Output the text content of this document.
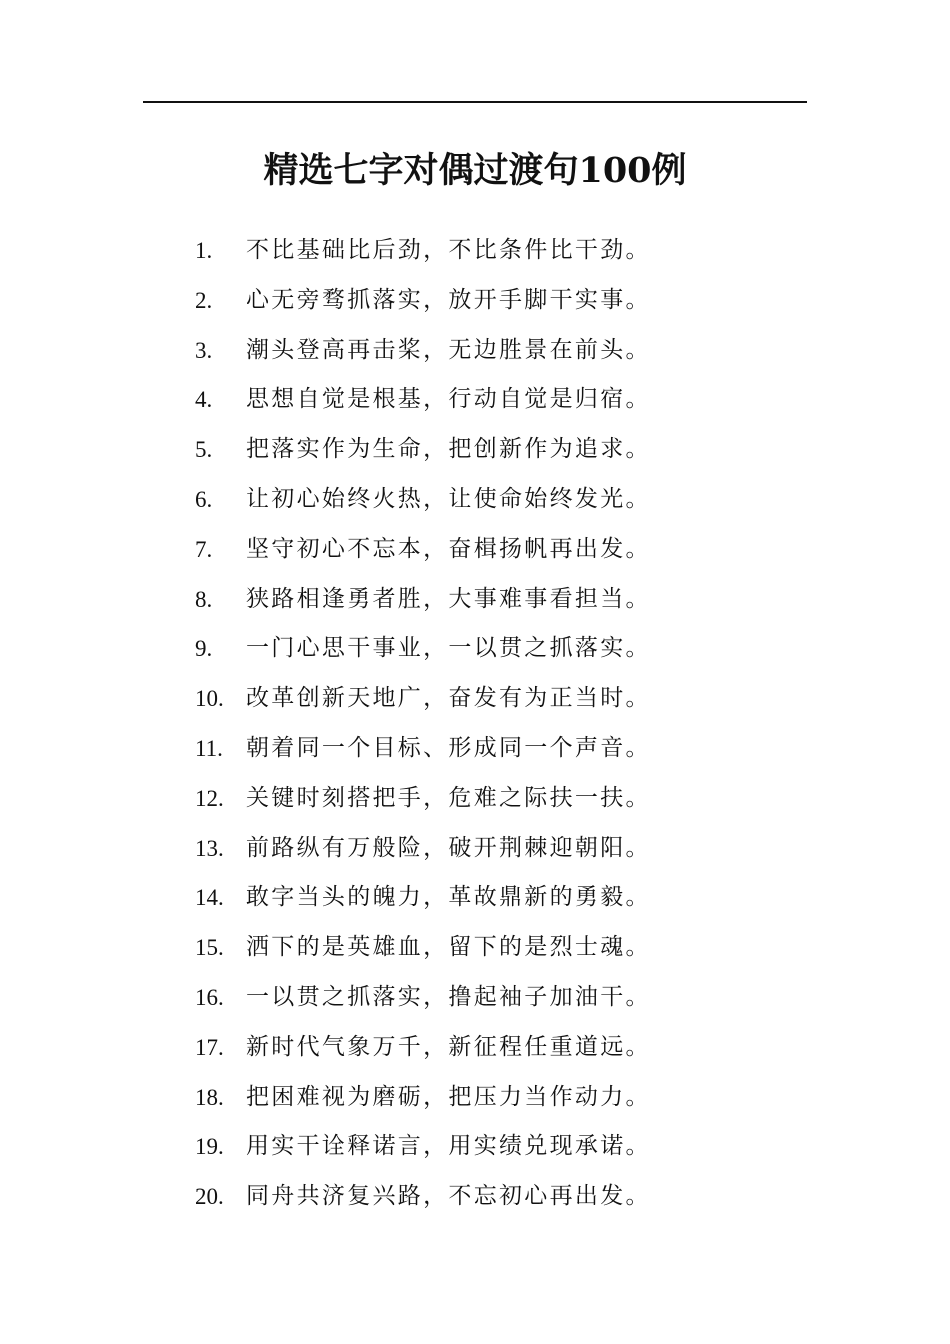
精选七字对偶过渡句100例
1. 不比基础比后劲，不比条件比干劲。
2. 心无旁骛抓落实，放开手脚干实事。
3. 潮头登高再击桨，无边胜景在前头。
4. 思想自觉是根基，行动自觉是归宿。
5. 把落实作为生命，把创新作为追求。
6. 让初心始终火热，让使命始终发光。
7. 坚守初心不忘本，奋楫扬帆再出发。
8. 狭路相逢勇者胜，大事难事看担当。
9. 一门心思干事业，一以贯之抓落实。
10. 改革创新天地广，奋发有为正当时。
11. 朝着同一个目标、形成同一个声音。
12. 关键时刻搭把手，危难之际扶一扶。
13. 前路纵有万般险，破开荆棘迎朝阳。
14. 敢字当头的魄力，革故鼎新的勇毅。
15. 洒下的是英雄血，留下的是烈士魂。
16. 一以贯之抓落实，撸起袖子加油干。
17. 新时代气象万千，新征程任重道远。
18. 把困难视为磨砺，把压力当作动力。
19. 用实干诠释诺言，用实绩兑现承诺。
20. 同舟共济复兴路，不忘初心再出发。
